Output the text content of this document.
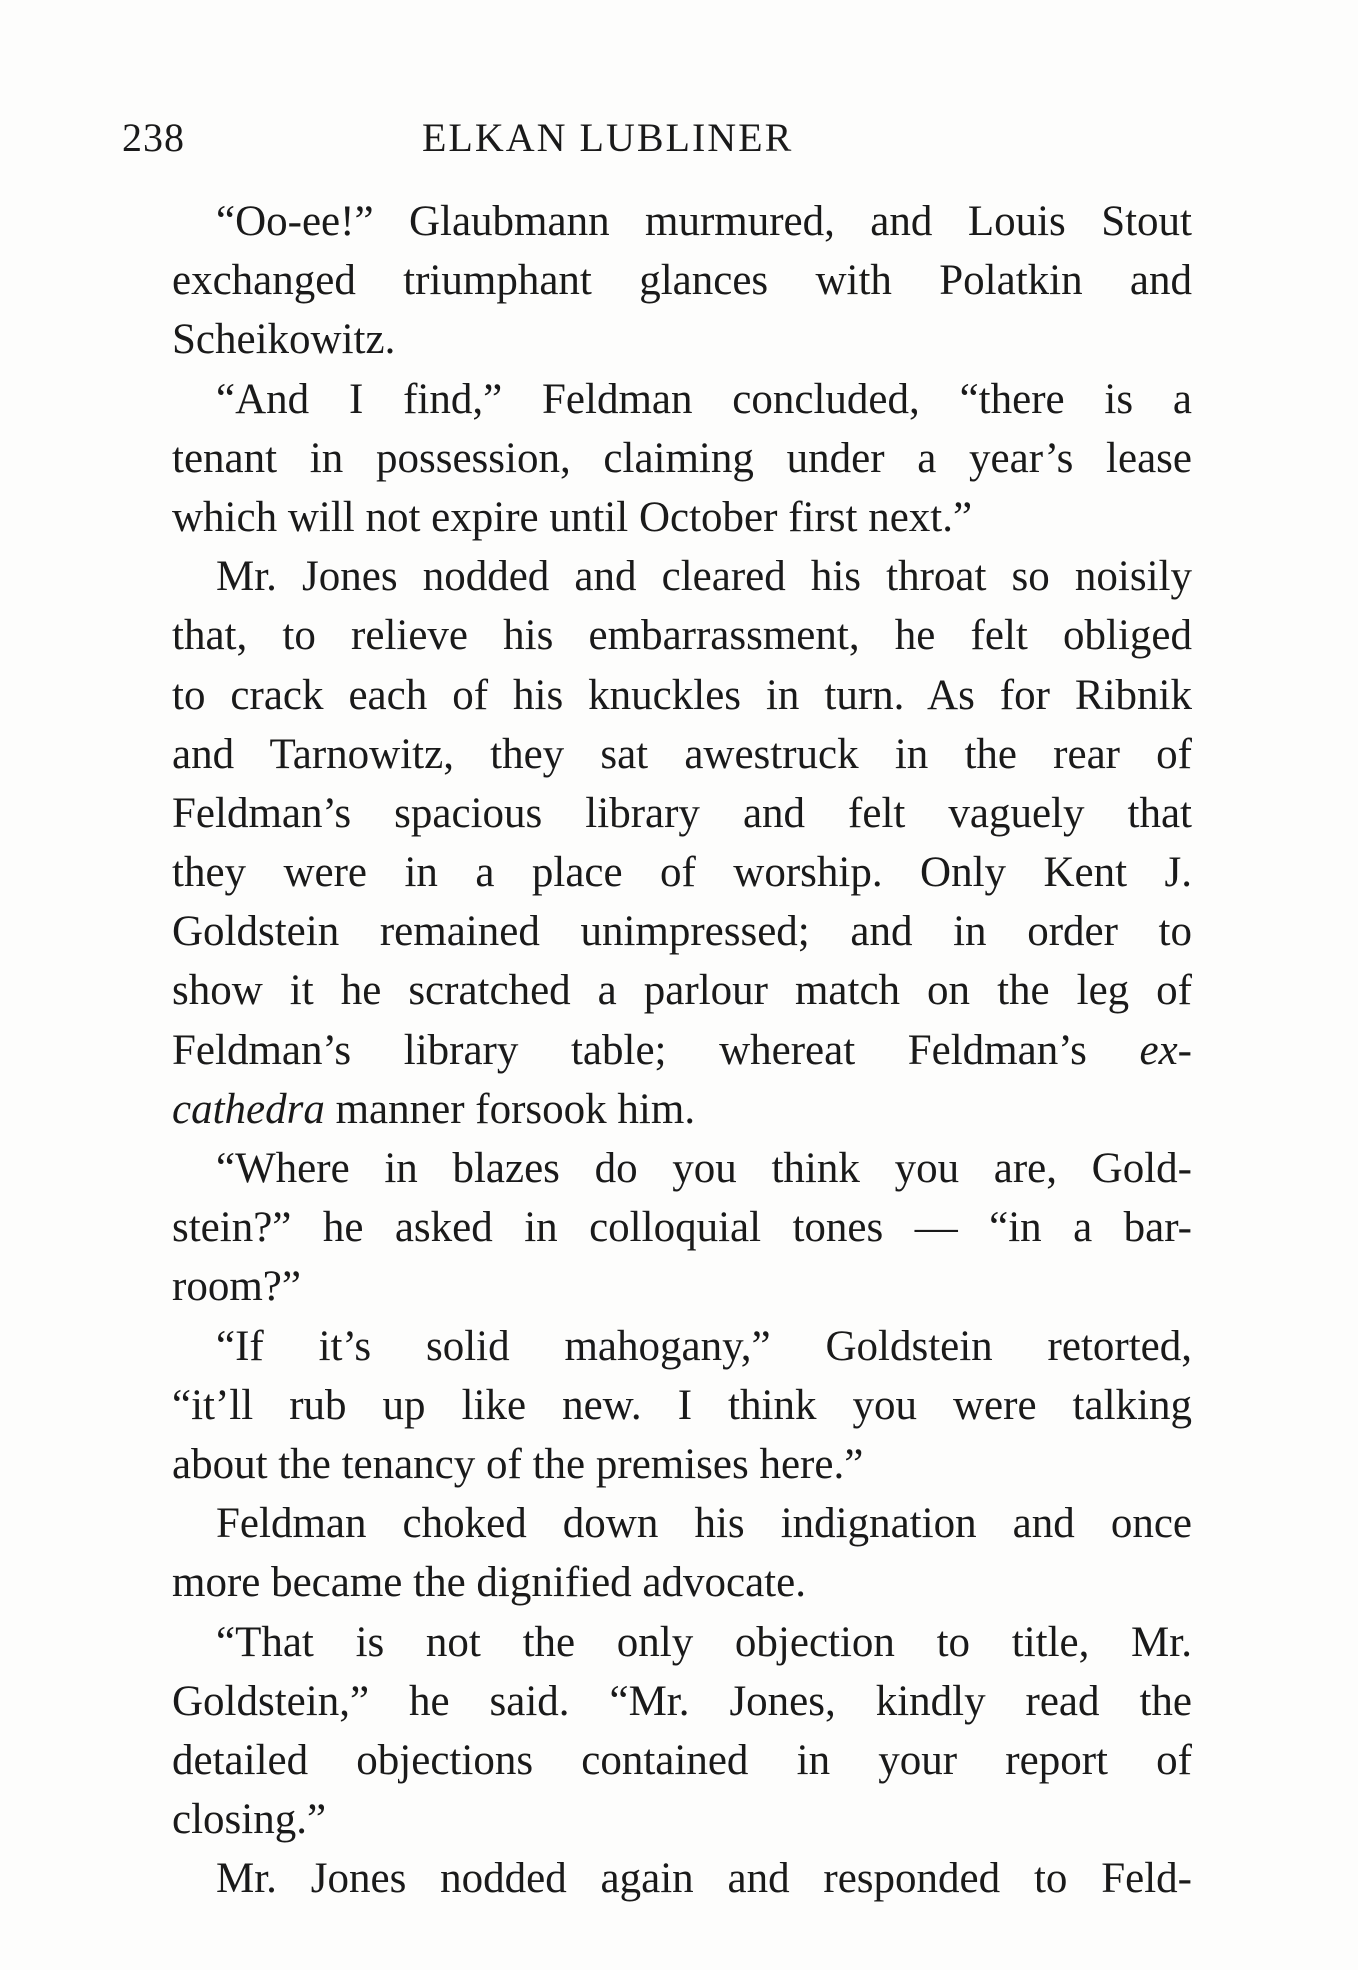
238	ELKAN LUBLINER
“Oo-ee!” Glaubmann murmured, and Louis Stout
exchanged triumphant glances with Polatkin and
Scheikowitz.
“And I find,” Feldman concluded, “there is a
tenant in possession, claiming under a year’s lease
which will not expire until October first next.”
Mr. Jones nodded and cleared his throat so noisily
that, to relieve his embarrassment, he felt obliged
to crack each of his knuckles in turn. As for Ribnik
and Tarnowitz, they sat awestruck in the rear of
Feldman’s spacious library and felt vaguely that
they were in a place of worship. Only Kent J.
Goldstein remained unimpressed; and in order to
show it he scratched a parlour match on the leg of
Feldman’s library table; whereat Feldman’s ex-
cathedra manner forsook him.
“Where in blazes do you think you are, Gold-
stein?” he asked in colloquial tones — “in a bar-
room?”
“If it’s solid mahogany,” Goldstein retorted,
“it’ll rub up like new. I think you were talking
about the tenancy of the premises here.”
Feldman choked down his indignation and once
more became the dignified advocate.
“That is not the only objection to title, Mr.
Goldstein,” he said. “Mr. Jones, kindly read the
detailed objections contained in your report of
closing.”
Mr. Jones nodded again and responded to Feld-
